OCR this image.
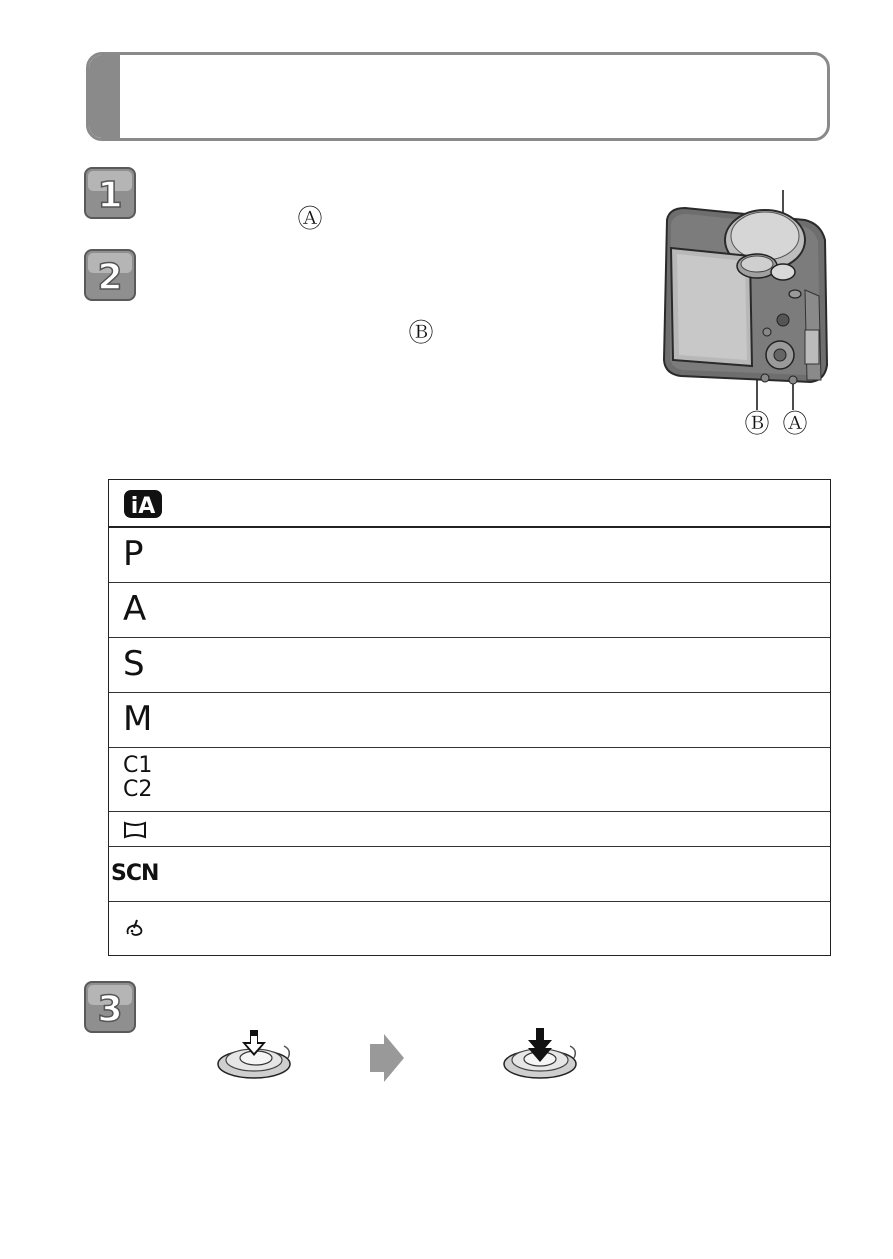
1
Ⓐ
2
Ⓑ
Ⓑ Ⓐ
iA
P
A
S
M
C1
C2
SCN
3
